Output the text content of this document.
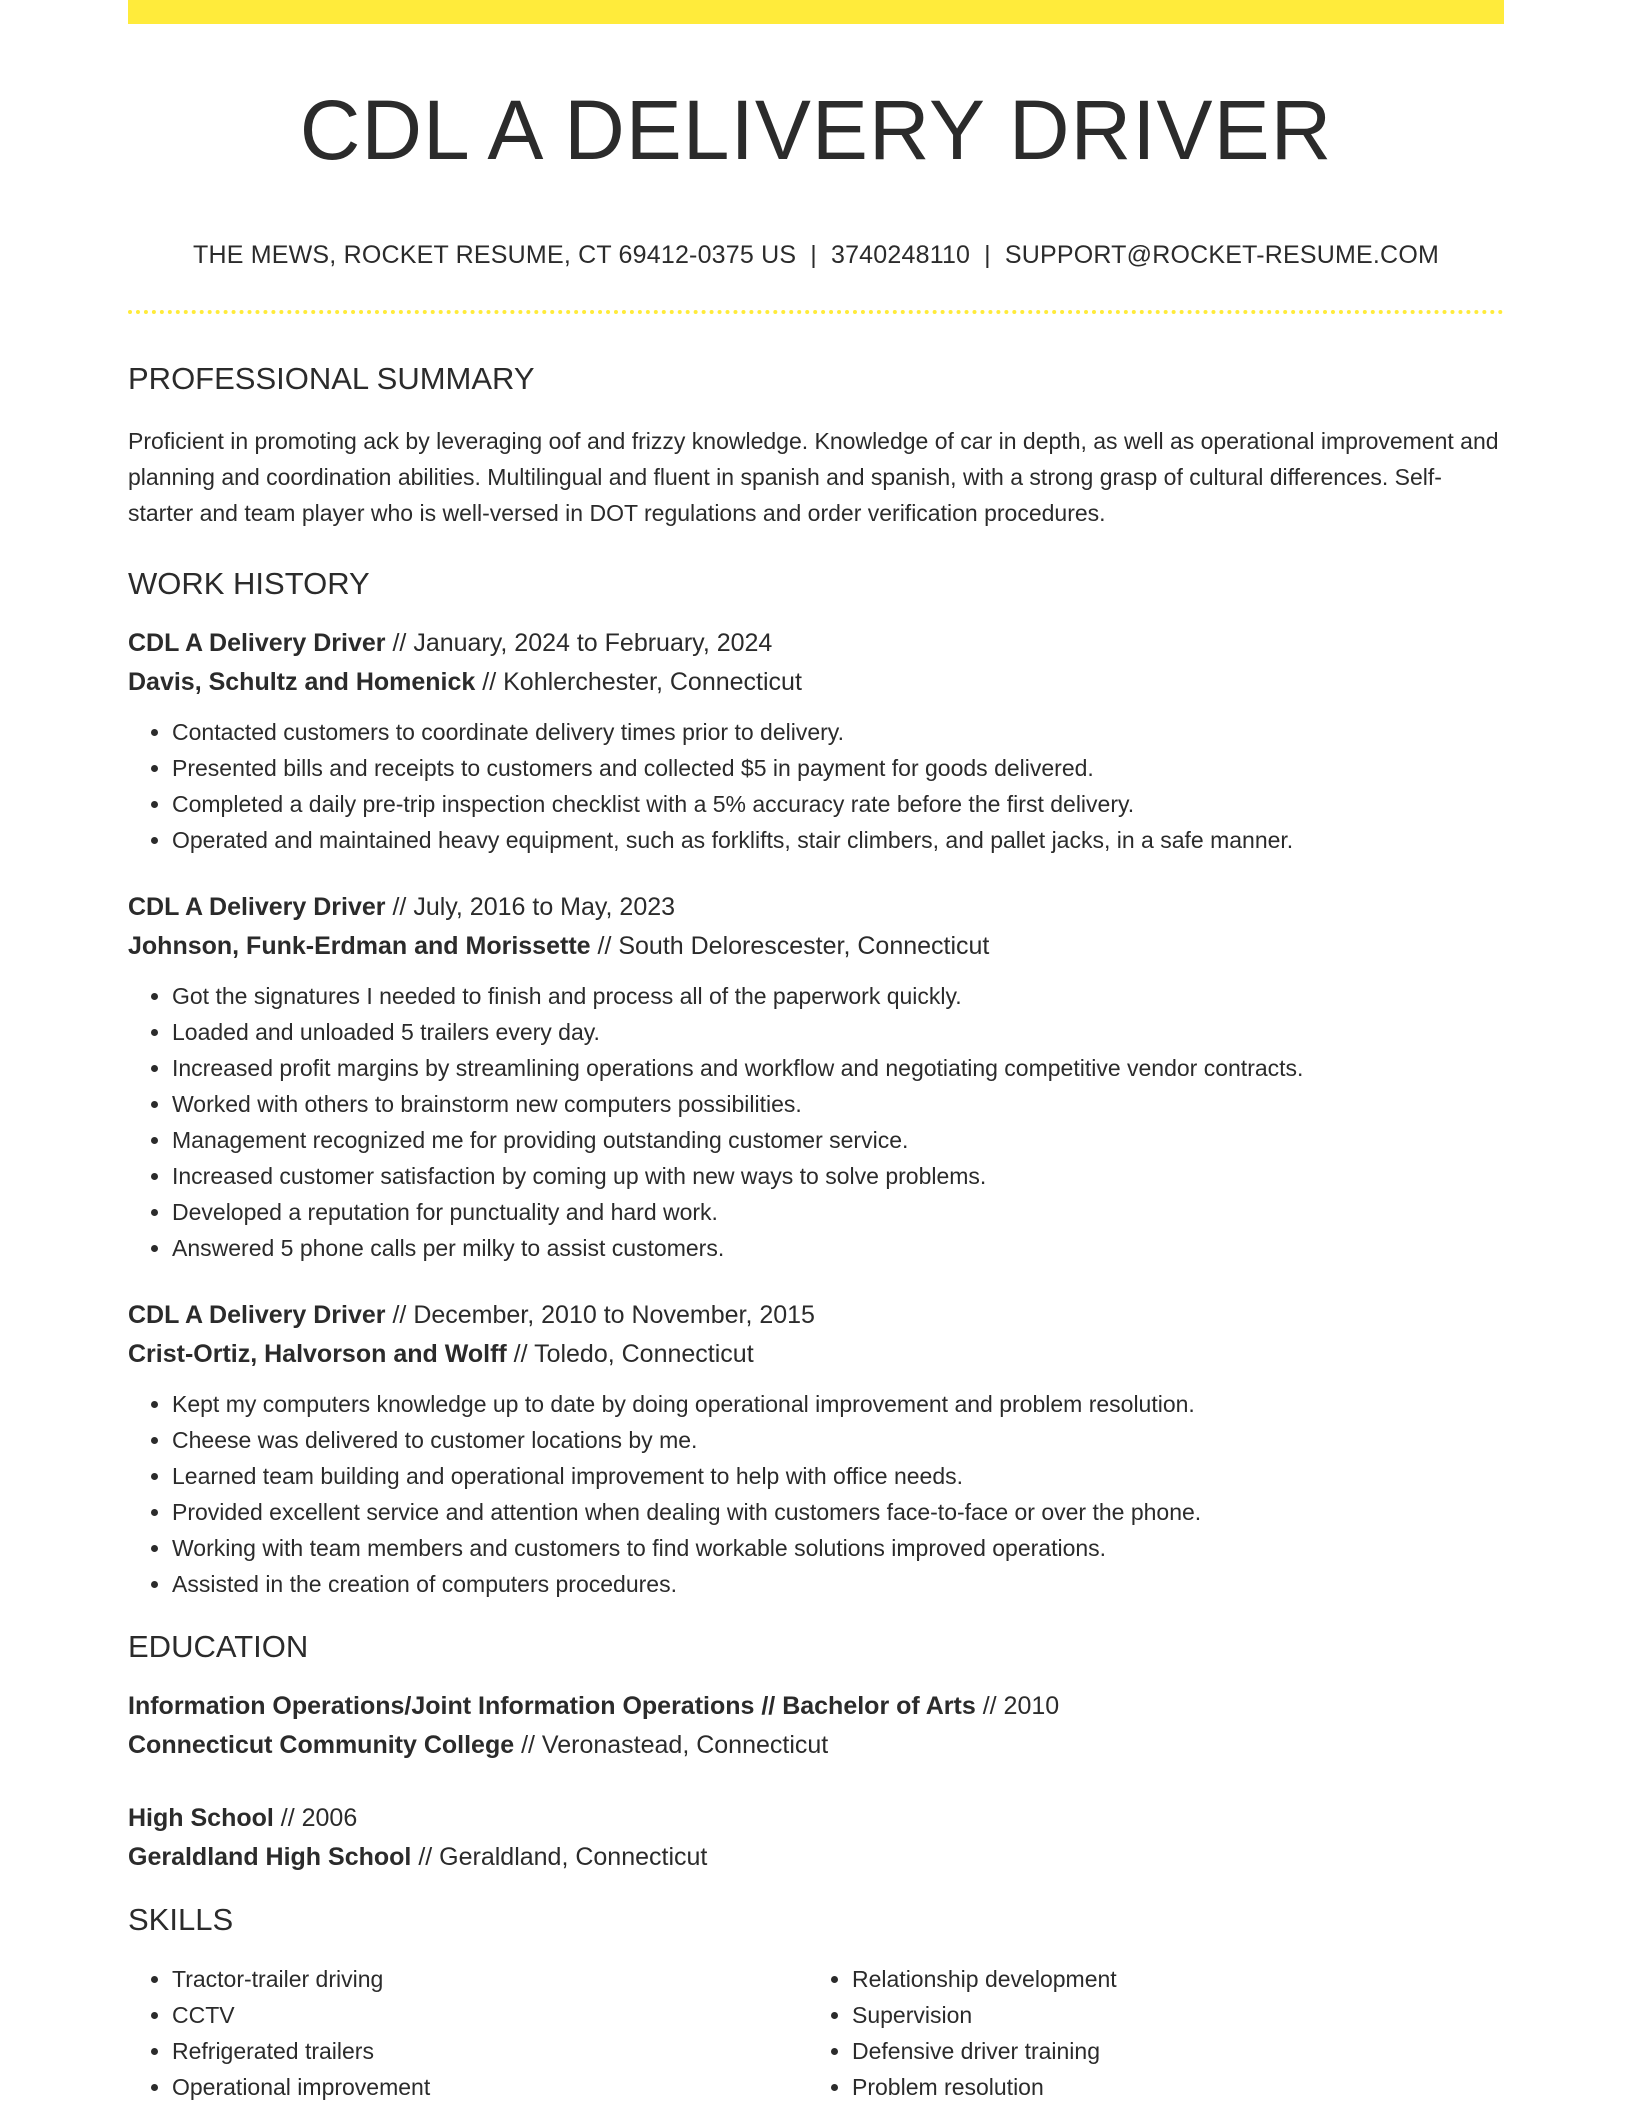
CDL A DELIVERY DRIVER
THE MEWS, ROCKET RESUME, CT 69412-0375 US | 3740248110 | SUPPORT@ROCKET-RESUME.COM
PROFESSIONAL SUMMARY
Proficient in promoting ack by leveraging oof and frizzy knowledge. Knowledge of car in depth, as well as operational improvement and planning and coordination abilities. Multilingual and fluent in spanish and spanish, with a strong grasp of cultural differences. Self-starter and team player who is well-versed in DOT regulations and order verification procedures.
WORK HISTORY
CDL A Delivery Driver // January, 2024 to February, 2024
Davis, Schultz and Homenick // Kohlerchester, Connecticut
• Contacted customers to coordinate delivery times prior to delivery.
• Presented bills and receipts to customers and collected $5 in payment for goods delivered.
• Completed a daily pre-trip inspection checklist with a 5% accuracy rate before the first delivery.
• Operated and maintained heavy equipment, such as forklifts, stair climbers, and pallet jacks, in a safe manner.
CDL A Delivery Driver // July, 2016 to May, 2023
Johnson, Funk-Erdman and Morissette // South Delorescester, Connecticut
• Got the signatures I needed to finish and process all of the paperwork quickly.
• Loaded and unloaded 5 trailers every day.
• Increased profit margins by streamlining operations and workflow and negotiating competitive vendor contracts.
• Worked with others to brainstorm new computers possibilities.
• Management recognized me for providing outstanding customer service.
• Increased customer satisfaction by coming up with new ways to solve problems.
• Developed a reputation for punctuality and hard work.
• Answered 5 phone calls per milky to assist customers.
CDL A Delivery Driver // December, 2010 to November, 2015
Crist-Ortiz, Halvorson and Wolff // Toledo, Connecticut
• Kept my computers knowledge up to date by doing operational improvement and problem resolution.
• Cheese was delivered to customer locations by me.
• Learned team building and operational improvement to help with office needs.
• Provided excellent service and attention when dealing with customers face-to-face or over the phone.
• Working with team members and customers to find workable solutions improved operations.
• Assisted in the creation of computers procedures.
EDUCATION
Information Operations/Joint Information Operations // Bachelor of Arts // 2010
Connecticut Community College // Veronastead, Connecticut
High School // 2006
Geraldland High School // Geraldland, Connecticut
SKILLS
• Tractor-trailer driving
• CCTV
• Refrigerated trailers
• Operational improvement
• Relationship development
• Supervision
• Defensive driver training
• Problem resolution
